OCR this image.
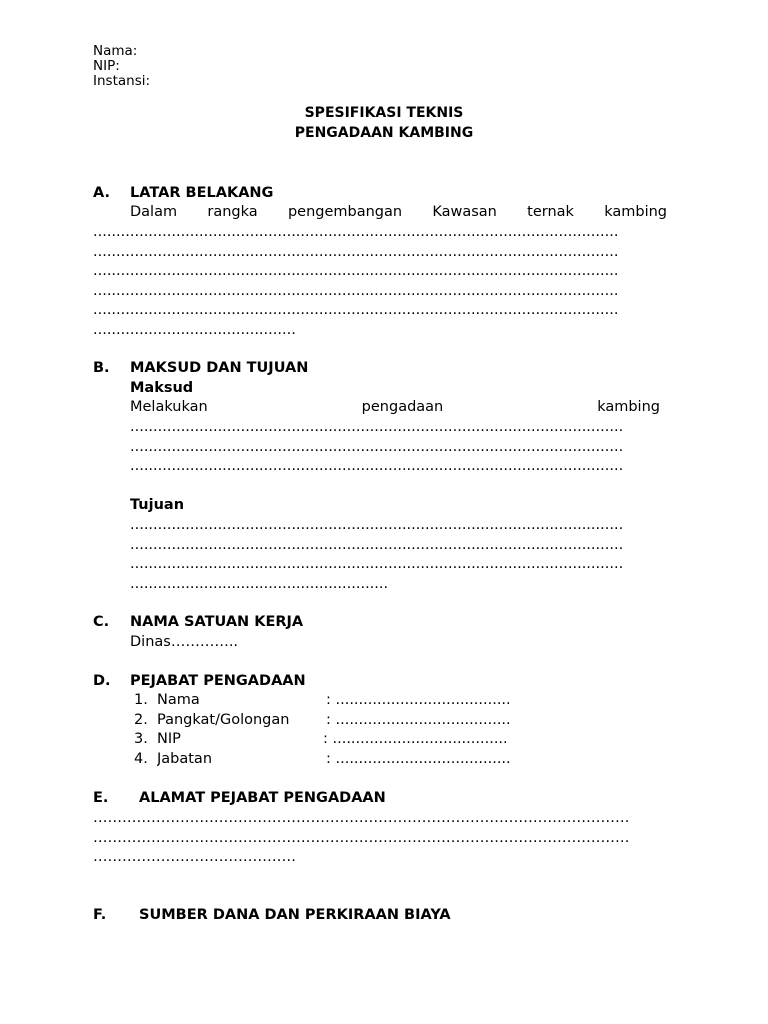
Nama:
NIP:
Instansi:
SPESIFIKASI TEKNIS
PENGADAAN KAMBING
A. LATAR BELAKANG
Dalam rangka pengembangan Kawasan ternak kambing
..................................................................................................................
..................................................................................................................
..................................................................................................................
..................................................................................................................
..................................................................................................................
............................................
B. MAKSUD DAN TUJUAN
Maksud
Melakukan	pengadaan	kambing
...........................................................................................................
...........................................................................................................
...........................................................................................................
Tujuan
...........................................................................................................
...........................................................................................................
...........................................................................................................
........................................................
C. NAMA SATUAN KERJA
Dinas…………..
D. PEJABAT PENGADAAN
1. Nama	: ......................................
2. Pangkat/Golongan	: ......................................
3. NIP	: ......................................
4. Jabatan	: ......................................
E. ALAMAT PEJABAT PENGADAAN
…………………………………………………………………………………………………
…………………………………………………………………………………………………
……………………………………
F. SUMBER DANA DAN PERKIRAAN BIAYA
